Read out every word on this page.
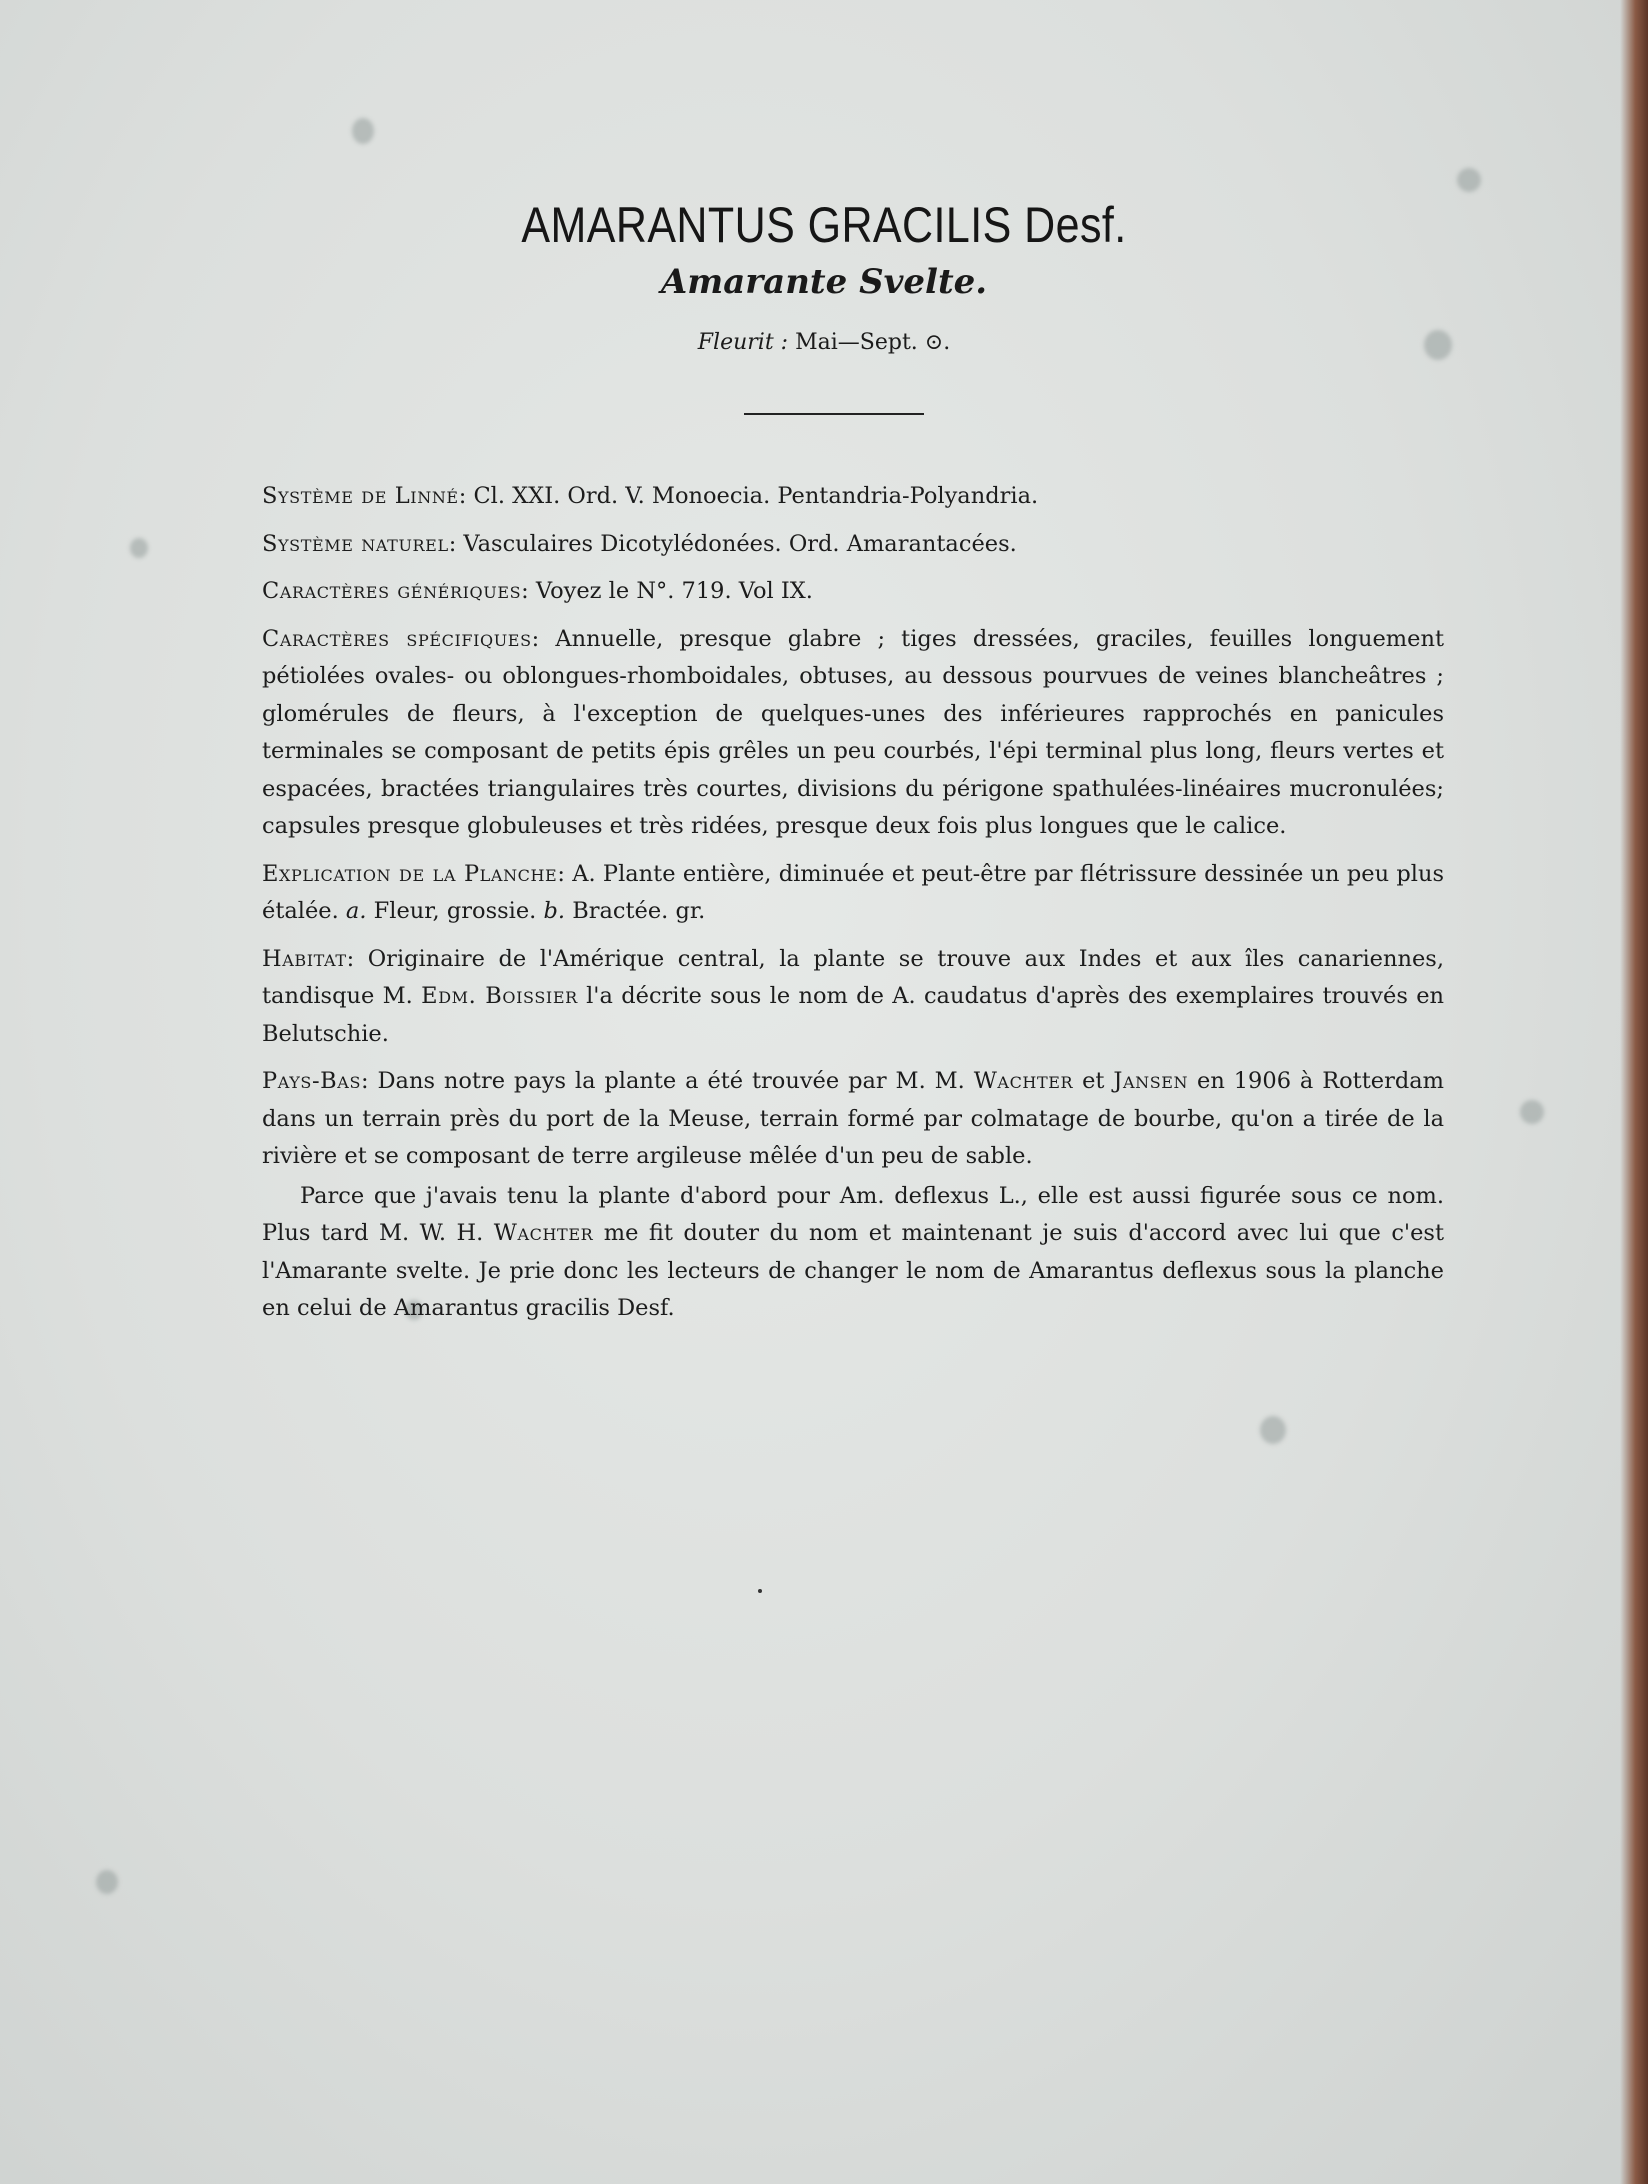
AMARANTUS GRACILIS Desf.
Amarante Svelte.
Fleurit : Mai—Sept. ⊙.

Système de Linné: Cl. XXI. Ord. V. Monoecia. Pentandria-Polyandria.

Système naturel: Vasculaires Dicotylédonées. Ord. Amarantacées.

Caractères génériques: Voyez le N°. 719. Vol IX.

Caractères spécifiques: Annuelle, presque glabre ; tiges dressées, graciles, feuilles longuement pétiolées ovales- ou oblongues-rhomboidales, obtuses, au dessous pourvues de veines blancheâtres ; glomérules de fleurs, à l'exception de quelques-unes des inférieures rapprochés en panicules terminales se composant de petits épis grêles un peu courbés, l'épi terminal plus long, fleurs vertes et espacées, bractées triangulaires très courtes, divisions du périgone spathulées-linéaires mucronulées; capsules presque globuleuses et très ridées, presque deux fois plus longues que le calice.

Explication de la Planche: A. Plante entière, diminuée et peut-être par flétrissure dessinée un peu plus étalée. a. Fleur, grossie. b. Bractée. gr.

Habitat: Originaire de l'Amérique central, la plante se trouve aux Indes et aux îles canariennes, tandisque M. Edm. Boissier l'a décrite sous le nom de A. caudatus d'après des exemplaires trouvés en Belutschie.

Pays-Bas: Dans notre pays la plante a été trouvée par M. M. Wachter et Jansen en 1906 à Rotterdam dans un terrain près du port de la Meuse, terrain formé par colmatage de bourbe, qu'on a tirée de la rivière et se composant de terre argileuse mêlée d'un peu de sable.

Parce que j'avais tenu la plante d'abord pour Am. deflexus L., elle est aussi figurée sous ce nom. Plus tard M. W. H. Wachter me fit douter du nom et maintenant je suis d'accord avec lui que c'est l'Amarante svelte. Je prie donc les lecteurs de changer le nom de Amarantus deflexus sous la planche en celui de Amarantus gracilis Desf.
